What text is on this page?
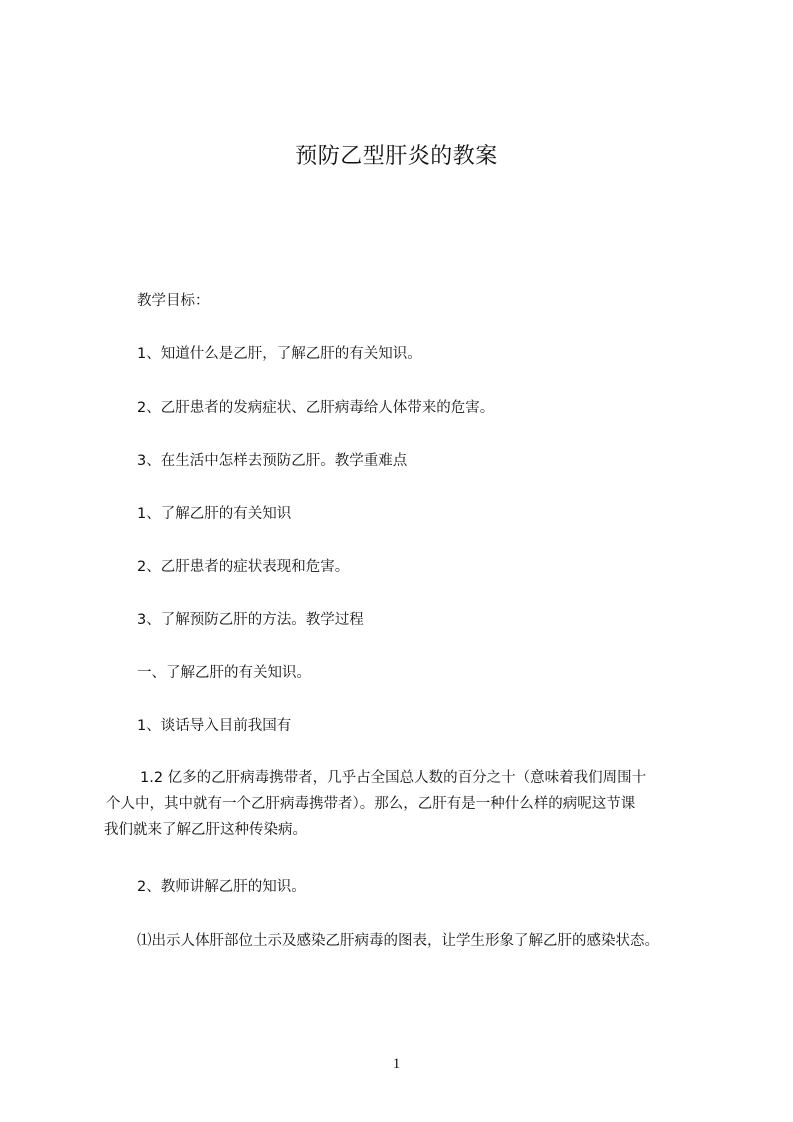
预防乙型肝炎的教案
教学目标：
1、知道什么是乙肝，了解乙肝的有关知识。
2、乙肝患者的发病症状、乙肝病毒给人体带来的危害。
3、在生活中怎样去预防乙肝。教学重难点
1、了解乙肝的有关知识
2、乙肝患者的症状表现和危害。
3、了解预防乙肝的方法。教学过程
一、了解乙肝的有关知识。
1、谈话导入目前我国有
1.2 亿多的乙肝病毒携带者，几乎占全国总人数的百分之十（意味着我们周围十
个人中，其中就有一个乙肝病毒携带者）。那么，乙肝有是一种什么样的病呢这节课
我们就来了解乙肝这种传染病。
2、教师讲解乙肝的知识。
⑴出示人体肝部位土示及感染乙肝病毒的图表，让学生形象了解乙肝的感染状态。
1
